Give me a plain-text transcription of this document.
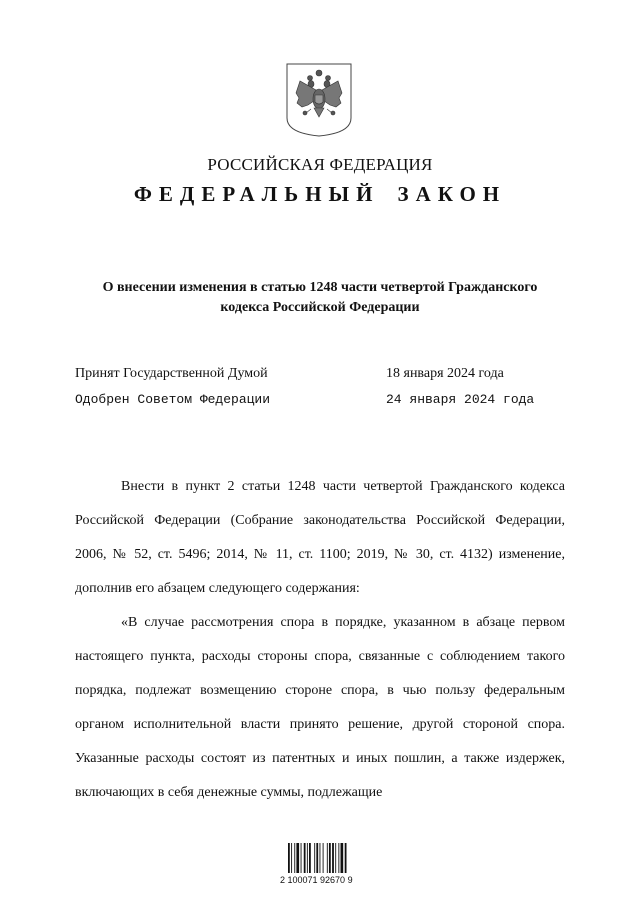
РОССИЙСКАЯ ФЕДЕРАЦИЯ
ФЕДЕРАЛЬНЫЙ ЗАКОН
О внесении изменения в статью 1248 части четвертой Гражданского
кодекса Российской Федерации
Принят Государственной Думой	18 января 2024 года
Одобрен Советом Федерации	24 января 2024 года

Внести в пункт 2 статьи 1248 части четвертой Гражданского кодекса Российской Федерации (Собрание законодательства Российской Федерации, 2006, № 52, ст. 5496; 2014, № 11, ст. 1100; 2019, № 30, ст. 4132) изменение, дополнив его абзацем следующего содержания:

«В случае рассмотрения спора в порядке, указанном в абзаце первом настоящего пункта, расходы стороны спора, связанные с соблюдением такого порядка, подлежат возмещению стороне спора, в чью пользу федеральным органом исполнительной власти принято решение, другой стороной спора. Указанные расходы состоят из патентных и иных пошлин, а также издержек, включающих в себя денежные суммы, подлежащие

2 100071 92670 9
